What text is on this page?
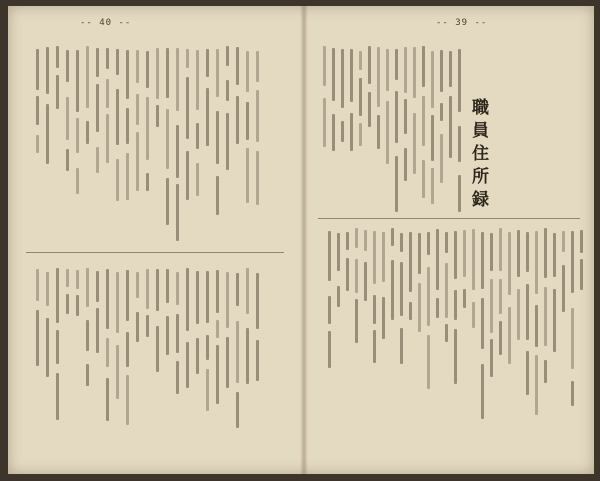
-- 40 --	-- 39 --
職員住所録
